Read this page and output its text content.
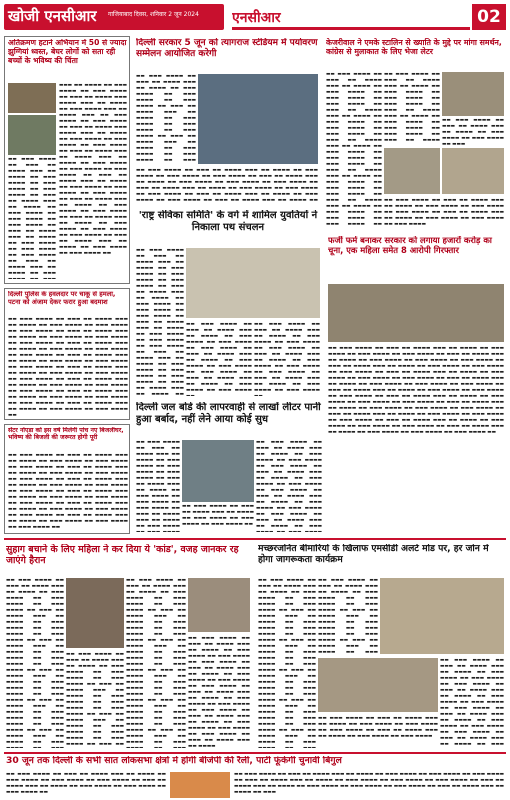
खोजी एनसीआर गाजियाबाद दिवस, शनिवार 2 जून 2024 एनसीआर	02
अतिक्रमण हटाने अभियान में 50 से ज्यादा झुग्गियां ध्वस्त, बेघर लोगों को सता रही बच्चों के भविष्य की चिंता

▬▬▬ ▬▬ ▬▬▬▬ ▬▬ ▬▬▬ ▬▬▬▬ ▬▬ ▬▬▬ ▬▬▬▬ ▬▬ ▬▬▬ ▬▬ ▬▬▬▬ ▬▬▬ ▬▬▬▬ ▬▬▬ ▬▬ ▬▬▬▬ ▬▬ ▬▬▬ ▬▬▬▬ ▬▬▬ ▬▬ ▬▬▬▬ ▬▬▬ ▬▬ ▬▬▬ ▬▬▬▬ ▬▬ ▬▬▬ ▬▬▬▬ ▬▬ ▬▬▬ ▬▬ ▬▬▬▬ ▬▬▬ ▬▬▬▬ ▬▬▬ ▬▬ ▬▬▬▬ ▬▬ ▬▬▬ ▬▬▬▬ ▬▬ ▬▬▬ ▬▬▬▬ ▬▬ ▬▬▬ ▬▬▬▬ ▬▬ ▬▬▬ ▬▬ ▬▬▬▬ ▬▬▬ ▬▬ ▬▬▬▬ ▬▬▬ ▬▬ ▬▬▬▬ ▬▬ ▬▬▬ ▬▬▬▬ ▬▬ ▬▬▬ ▬▬▬▬ ▬▬ ▬▬▬ ▬▬▬▬ ▬▬ ▬▬▬ ▬▬ ▬▬▬▬ ▬▬▬ ▬▬ ▬▬▬▬ ▬▬ ▬▬▬ ▬▬▬▬ ▬▬ ▬▬▬ ▬▬▬▬ ▬▬ ▬▬▬ ▬▬▬▬ ▬▬ ▬▬▬ ▬▬ ▬▬▬▬ ▬▬▬ ▬▬ ▬▬▬▬ ▬▬ ▬▬▬ ▬▬▬▬ ▬▬ ▬▬▬ ▬▬▬▬ ▬▬ ▬▬▬ ▬▬ ▬▬▬▬ ▬▬▬ ▬▬ ▬▬▬▬ ▬▬ ▬▬▬ ▬▬▬▬ ▬▬ ▬▬▬ ▬▬▬▬ ▬▬ ▬▬▬ ▬▬▬▬ ▬▬ ▬▬▬ ▬▬ ▬▬▬▬ ▬▬▬ ▬▬ ▬▬▬▬ ▬▬ ▬▬▬ ▬▬▬▬ ▬▬ ▬▬▬ ▬▬▬▬ ▬▬

▬▬ ▬▬▬ ▬▬▬▬ ▬▬ ▬▬▬ ▬▬ ▬▬▬▬ ▬▬▬ ▬▬ ▬▬▬▬ ▬▬ ▬▬▬ ▬▬▬▬ ▬▬ ▬▬▬ ▬▬▬▬ ▬▬ ▬▬▬ ▬▬▬▬ ▬▬ ▬▬▬ ▬▬ ▬▬▬▬ ▬▬▬ ▬▬ ▬▬▬▬ ▬▬ ▬▬▬ ▬▬▬▬ ▬▬ ▬▬▬ ▬▬▬▬ ▬▬ ▬▬▬ ▬▬▬▬ ▬▬ ▬▬▬ ▬▬ ▬▬▬▬ ▬▬▬ ▬▬ ▬▬▬▬ ▬▬ ▬▬▬ ▬▬▬▬ ▬▬ ▬▬▬ ▬▬▬▬ ▬▬ ▬▬▬ ▬▬▬▬ ▬▬ ▬▬▬ ▬▬ ▬▬▬▬ ▬▬▬ ▬▬ ▬▬▬▬ ▬▬ ▬▬▬

दिल्ली सरकार 5 जून को त्यागराज स्टेडियम में पर्यावरण सम्मेलन आयोजित करेगी

▬▬ ▬▬▬ ▬▬▬▬ ▬▬ ▬▬▬ ▬▬ ▬▬▬▬ ▬▬▬ ▬▬ ▬▬▬▬ ▬▬ ▬▬▬ ▬▬▬▬ ▬▬ ▬▬▬ ▬▬▬▬ ▬▬ ▬▬▬ ▬▬▬▬ ▬▬ ▬▬▬ ▬▬ ▬▬▬▬ ▬▬▬ ▬▬ ▬▬▬▬ ▬▬ ▬▬▬ ▬▬▬▬ ▬▬ ▬▬▬ ▬▬▬▬ ▬▬ ▬▬▬ ▬▬▬▬ ▬▬ ▬▬▬ ▬▬ ▬▬▬▬ ▬▬▬ ▬▬ ▬▬▬▬ ▬▬ ▬▬▬ ▬▬▬▬ ▬▬ ▬▬▬ ▬▬▬▬ ▬▬ ▬▬▬

▬▬ ▬▬▬ ▬▬▬▬ ▬▬ ▬▬▬ ▬▬ ▬▬▬▬ ▬▬▬ ▬▬ ▬▬▬▬ ▬▬ ▬▬▬ ▬▬▬▬ ▬▬ ▬▬▬ ▬▬▬▬ ▬▬ ▬▬▬ ▬▬▬▬ ▬▬ ▬▬▬ ▬▬ ▬▬▬▬ ▬▬▬ ▬▬ ▬▬▬▬ ▬▬ ▬▬▬ ▬▬▬▬ ▬▬ ▬▬▬ ▬▬▬▬ ▬▬ ▬▬▬ ▬▬▬▬ ▬▬ ▬▬▬ ▬▬ ▬▬▬▬ ▬▬▬ ▬▬ ▬▬▬▬ ▬▬ ▬▬▬ ▬▬▬▬ ▬▬ ▬▬▬ ▬▬▬▬ ▬▬ ▬▬▬ ▬▬▬▬ ▬▬ ▬▬▬ ▬▬ ▬▬▬▬ ▬▬▬ ▬▬ ▬▬▬▬ ▬▬ ▬▬▬ ▬▬▬▬ ▬▬ ▬▬▬ ▬▬▬▬ ▬▬ ▬▬▬ ▬▬ ▬▬▬▬ ▬▬▬ ▬▬ ▬▬▬▬ ▬▬

केजरीवाल ने एमके स्टालिन से ख्याति के मुद्दे पर मांगा समर्थन, कांग्रेस से मुलाकात के लिए भेजा लेटर

▬▬ ▬▬▬ ▬▬▬▬ ▬▬ ▬▬▬ ▬▬ ▬▬▬▬ ▬▬▬ ▬▬ ▬▬▬▬ ▬▬ ▬▬▬ ▬▬▬▬ ▬▬ ▬▬▬ ▬▬▬▬ ▬▬ ▬▬▬ ▬▬▬▬ ▬▬ ▬▬▬ ▬▬ ▬▬▬▬ ▬▬▬ ▬▬ ▬▬▬▬ ▬▬ ▬▬▬ ▬▬▬▬ ▬▬ ▬▬▬ ▬▬▬▬ ▬▬ ▬▬▬ ▬▬▬▬ ▬▬ ▬▬▬ ▬▬ ▬▬▬▬ ▬▬▬ ▬▬ ▬▬▬▬ ▬▬ ▬▬▬ ▬▬▬▬ ▬▬ ▬▬▬ ▬▬▬▬ ▬▬ ▬▬▬ ▬▬▬▬ ▬▬ ▬▬▬ ▬▬ ▬▬▬▬ ▬▬▬ ▬▬ ▬▬▬▬ ▬▬ ▬▬▬ ▬▬▬▬ ▬▬ ▬▬▬ ▬▬▬▬ ▬▬ ▬▬▬ ▬▬▬▬ ▬▬ ▬▬▬ ▬▬ ▬▬▬▬ ▬▬▬ ▬▬ ▬▬▬▬ ▬▬ ▬▬▬ ▬▬▬▬ ▬▬ ▬▬▬ ▬▬▬▬ ▬▬ ▬▬▬ ▬▬▬▬ ▬▬

▬▬ ▬▬▬ ▬▬▬▬ ▬▬ ▬▬▬ ▬▬ ▬▬▬▬ ▬▬▬ ▬▬ ▬▬▬▬ ▬▬ ▬▬▬ ▬▬▬▬ ▬▬ ▬▬▬ ▬▬▬▬ ▬▬ ▬▬▬ ▬▬▬▬ ▬▬ ▬▬▬ ▬▬ ▬▬▬▬ ▬▬▬ ▬▬ ▬▬▬▬ ▬▬ ▬▬▬ ▬▬▬▬ ▬▬ ▬▬▬ ▬▬▬▬ ▬▬ ▬▬▬ ▬▬▬▬ ▬▬ ▬▬▬ ▬▬ ▬▬▬▬

▬▬ ▬▬▬ ▬▬▬▬ ▬▬ ▬▬▬ ▬▬ ▬▬▬▬ ▬▬▬ ▬▬ ▬▬▬▬ ▬▬ ▬▬▬ ▬▬▬▬ ▬▬ ▬▬▬ ▬▬▬▬ ▬▬ ▬▬▬

▬▬ ▬▬▬ ▬▬▬▬ ▬▬ ▬▬▬ ▬▬ ▬▬▬▬ ▬▬▬ ▬▬ ▬▬▬▬ ▬▬ ▬▬▬ ▬▬▬▬ ▬▬ ▬▬▬ ▬▬▬▬ ▬▬ ▬▬▬ ▬▬▬▬ ▬▬ ▬▬▬ ▬▬ ▬▬▬▬ ▬▬▬ ▬▬ ▬▬▬▬ ▬▬ ▬▬▬ ▬▬▬▬ ▬▬ ▬▬▬ ▬▬▬▬ ▬▬ ▬▬▬ ▬▬▬▬

'राष्ट्र सेविका समिति' के वर्ग में शामिल युवतियों ने निकाला पथ संचलन

▬▬ ▬▬▬ ▬▬▬▬ ▬▬ ▬▬▬ ▬▬ ▬▬▬▬ ▬▬▬ ▬▬ ▬▬▬▬ ▬▬ ▬▬▬ ▬▬▬▬ ▬▬ ▬▬▬ ▬▬▬▬ ▬▬ ▬▬▬ ▬▬▬▬ ▬▬ ▬▬▬ ▬▬ ▬▬▬▬ ▬▬▬ ▬▬ ▬▬▬▬ ▬▬ ▬▬▬ ▬▬▬▬ ▬▬ ▬▬▬ ▬▬▬▬ ▬▬ ▬▬▬ ▬▬▬▬ ▬▬ ▬▬▬ ▬▬ ▬▬▬▬ ▬▬▬ ▬▬ ▬▬▬▬ ▬▬ ▬▬▬ ▬▬▬▬ ▬▬ ▬▬▬ ▬▬▬▬ ▬▬ ▬▬▬ ▬▬▬▬ ▬▬ ▬▬▬ ▬▬ ▬▬▬▬ ▬▬▬ ▬▬ ▬▬▬▬ ▬▬ ▬▬▬ ▬▬▬▬ ▬▬ ▬▬▬ ▬▬▬▬ ▬▬ ▬▬▬ ▬▬▬▬ ▬▬ ▬▬▬ ▬▬ ▬▬▬▬ ▬▬▬ ▬▬ ▬▬▬▬ ▬▬

▬▬ ▬▬▬ ▬▬▬▬ ▬▬ ▬▬▬ ▬▬ ▬▬▬▬ ▬▬▬ ▬▬ ▬▬▬▬ ▬▬ ▬▬▬ ▬▬▬▬ ▬▬ ▬▬▬ ▬▬▬▬ ▬▬ ▬▬▬ ▬▬▬▬ ▬▬ ▬▬▬ ▬▬ ▬▬▬▬ ▬▬▬ ▬▬ ▬▬▬▬ ▬▬ ▬▬▬ ▬▬▬▬ ▬▬ ▬▬▬ ▬▬▬▬ ▬▬ ▬▬▬ ▬▬▬▬ ▬▬ ▬▬▬ ▬▬ ▬▬▬▬ ▬▬▬ ▬▬ ▬▬▬▬ ▬▬ ▬▬▬ ▬▬▬▬ ▬▬ ▬▬▬ ▬▬▬▬

▬▬ ▬▬▬ ▬▬▬▬ ▬▬ ▬▬▬ ▬▬ ▬▬▬▬ ▬▬▬ ▬▬ ▬▬▬▬ ▬▬ ▬▬▬ ▬▬▬▬ ▬▬ ▬▬▬ ▬▬▬▬ ▬▬ ▬▬▬ ▬▬▬▬ ▬▬ ▬▬▬ ▬▬ ▬▬▬▬ ▬▬▬ ▬▬ ▬▬▬▬ ▬▬ ▬▬▬ ▬▬▬▬ ▬▬ ▬▬▬ ▬▬▬▬ ▬▬ ▬▬▬ ▬▬▬▬ ▬▬ ▬▬▬ ▬▬ ▬▬▬▬ ▬▬▬ ▬▬ ▬▬▬▬ ▬▬ ▬▬▬ ▬▬▬▬ ▬▬ ▬▬▬ ▬▬▬▬

फर्जी फर्म बनाकर सरकार को लगाया हजारों करोड़ का चूना, एक महिला समेत 8 आरोपी गिरफ्तार

▬▬ ▬▬▬ ▬▬▬▬ ▬▬ ▬▬▬ ▬▬ ▬▬▬▬ ▬▬▬ ▬▬ ▬▬▬▬ ▬▬ ▬▬▬ ▬▬▬▬ ▬▬ ▬▬▬ ▬▬▬▬ ▬▬ ▬▬▬ ▬▬▬▬ ▬▬ ▬▬▬ ▬▬ ▬▬▬▬ ▬▬▬ ▬▬ ▬▬▬▬ ▬▬ ▬▬▬ ▬▬▬▬ ▬▬ ▬▬▬ ▬▬▬▬ ▬▬ ▬▬▬ ▬▬▬▬ ▬▬ ▬▬▬ ▬▬ ▬▬▬▬ ▬▬▬ ▬▬ ▬▬▬▬ ▬▬ ▬▬▬ ▬▬▬▬ ▬▬ ▬▬▬ ▬▬▬▬ ▬▬ ▬▬▬ ▬▬▬▬ ▬▬ ▬▬▬ ▬▬ ▬▬▬▬ ▬▬▬ ▬▬ ▬▬▬▬ ▬▬ ▬▬▬ ▬▬▬▬ ▬▬ ▬▬▬ ▬▬▬▬ ▬▬ ▬▬▬ ▬▬▬▬ ▬▬ ▬▬▬ ▬▬ ▬▬▬▬ ▬▬▬ ▬▬ ▬▬▬▬ ▬▬ ▬▬▬ ▬▬▬▬ ▬▬ ▬▬▬ ▬▬▬▬ ▬▬ ▬▬▬ ▬▬▬▬ ▬▬ ▬▬▬ ▬▬ ▬▬▬▬ ▬▬▬ ▬▬ ▬▬▬▬ ▬▬ ▬▬▬ ▬▬▬▬ ▬▬ ▬▬▬ ▬▬▬▬ ▬▬ ▬▬▬ ▬▬▬▬ ▬▬ ▬▬▬ ▬▬ ▬▬▬▬ ▬▬▬ ▬▬ ▬▬▬▬ ▬▬ ▬▬▬ ▬▬▬▬ ▬▬ ▬▬▬ ▬▬▬▬ ▬▬ ▬▬▬ ▬▬▬▬ ▬▬ ▬▬▬ ▬▬ ▬▬▬▬ ▬▬▬ ▬▬ ▬▬▬▬ ▬▬ ▬▬▬ ▬▬▬▬ ▬▬ ▬▬▬ ▬▬▬▬ ▬▬ ▬▬▬ ▬▬▬▬ ▬▬ ▬▬▬ ▬▬ ▬▬▬▬ ▬▬▬ ▬▬ ▬▬▬▬ ▬▬ ▬▬▬ ▬▬▬▬ ▬▬ ▬▬▬ ▬▬▬▬ ▬▬ ▬▬▬ ▬▬▬▬ ▬▬ ▬▬▬ ▬▬ ▬▬▬▬ ▬▬▬ ▬▬ ▬▬▬▬ ▬▬ ▬▬▬ ▬▬▬▬ ▬▬ ▬▬▬ ▬▬▬▬ ▬▬ ▬▬▬ ▬▬▬▬ ▬▬ ▬▬▬ ▬▬ ▬▬▬▬ ▬▬▬ ▬▬ ▬▬▬▬ ▬▬ ▬▬▬ ▬▬▬▬ ▬▬ ▬▬▬ ▬▬▬▬ ▬▬ ▬▬▬ ▬▬▬▬ ▬▬

दिल्ली पुलिस के हवलदार पर चाकू से हमला, पटना को अंजाम देकर फरार हुआ बदमाश

▬▬ ▬▬▬ ▬▬▬▬ ▬▬ ▬▬▬ ▬▬ ▬▬▬▬ ▬▬▬ ▬▬ ▬▬▬▬ ▬▬ ▬▬▬ ▬▬▬▬ ▬▬ ▬▬▬ ▬▬▬▬ ▬▬ ▬▬▬ ▬▬▬▬ ▬▬ ▬▬▬ ▬▬ ▬▬▬▬ ▬▬▬ ▬▬ ▬▬▬▬ ▬▬ ▬▬▬ ▬▬▬▬ ▬▬ ▬▬▬ ▬▬▬▬ ▬▬ ▬▬▬ ▬▬▬▬ ▬▬ ▬▬▬ ▬▬ ▬▬▬▬ ▬▬▬ ▬▬ ▬▬▬▬ ▬▬ ▬▬▬ ▬▬▬▬ ▬▬ ▬▬▬ ▬▬▬▬ ▬▬ ▬▬▬ ▬▬▬▬ ▬▬ ▬▬▬ ▬▬ ▬▬▬▬ ▬▬▬ ▬▬ ▬▬▬▬ ▬▬ ▬▬▬ ▬▬▬▬ ▬▬ ▬▬▬ ▬▬▬▬ ▬▬ ▬▬▬ ▬▬▬▬ ▬▬ ▬▬▬ ▬▬ ▬▬▬▬ ▬▬▬ ▬▬ ▬▬▬▬ ▬▬ ▬▬▬ ▬▬▬▬ ▬▬ ▬▬▬ ▬▬▬▬ ▬▬ ▬▬▬ ▬▬▬▬ ▬▬ ▬▬▬ ▬▬ ▬▬▬▬ ▬▬▬ ▬▬ ▬▬▬▬ ▬▬ ▬▬▬ ▬▬▬▬ ▬▬ ▬▬▬ ▬▬▬▬ ▬▬ ▬▬▬ ▬▬▬▬ ▬▬ ▬▬▬ ▬▬ ▬▬▬▬ ▬▬▬ ▬▬ ▬▬▬▬ ▬▬ ▬▬▬ ▬▬▬▬ ▬▬ ▬▬▬ ▬▬▬▬ ▬▬ ▬▬▬ ▬▬▬▬ ▬▬ ▬▬▬ ▬▬ ▬▬▬▬ ▬▬▬ ▬▬ ▬▬▬▬ ▬▬ ▬▬▬ ▬▬▬▬ ▬▬ ▬▬▬ ▬▬▬▬ ▬▬

सेंटर नोएडा को इस वर्ष मिलेगी पांच नए बिजलीघर, भविष्य की बिजली की जरूरत होगी पूरी

▬▬ ▬▬▬ ▬▬▬▬ ▬▬ ▬▬▬ ▬▬ ▬▬▬▬ ▬▬▬ ▬▬ ▬▬▬▬ ▬▬ ▬▬▬ ▬▬▬▬ ▬▬ ▬▬▬ ▬▬▬▬ ▬▬ ▬▬▬ ▬▬▬▬ ▬▬ ▬▬▬ ▬▬ ▬▬▬▬ ▬▬▬ ▬▬ ▬▬▬▬ ▬▬ ▬▬▬ ▬▬▬▬ ▬▬ ▬▬▬ ▬▬▬▬ ▬▬ ▬▬▬ ▬▬▬▬ ▬▬ ▬▬▬ ▬▬ ▬▬▬▬ ▬▬▬ ▬▬ ▬▬▬▬ ▬▬ ▬▬▬ ▬▬▬▬ ▬▬ ▬▬▬ ▬▬▬▬ ▬▬ ▬▬▬ ▬▬▬▬ ▬▬ ▬▬▬ ▬▬ ▬▬▬▬ ▬▬▬ ▬▬ ▬▬▬▬ ▬▬ ▬▬▬ ▬▬▬▬ ▬▬ ▬▬▬ ▬▬▬▬ ▬▬ ▬▬▬ ▬▬▬▬ ▬▬ ▬▬▬ ▬▬ ▬▬▬▬ ▬▬▬ ▬▬ ▬▬▬▬ ▬▬ ▬▬▬ ▬▬▬▬ ▬▬ ▬▬▬ ▬▬▬▬ ▬▬ ▬▬▬ ▬▬▬▬ ▬▬ ▬▬▬ ▬▬ ▬▬▬▬ ▬▬▬ ▬▬ ▬▬▬▬ ▬▬ ▬▬▬ ▬▬▬▬ ▬▬ ▬▬▬ ▬▬▬▬ ▬▬ ▬▬▬ ▬▬▬▬ ▬▬

दिल्ली जल बोर्ड की लापरवाही से लाखों लीटर पानी हुआ बर्बाद, नहीं लेने आया कोई सुध

▬▬ ▬▬▬ ▬▬▬▬ ▬▬ ▬▬▬ ▬▬ ▬▬▬▬ ▬▬▬ ▬▬ ▬▬▬▬ ▬▬ ▬▬▬ ▬▬▬▬ ▬▬ ▬▬▬ ▬▬▬▬ ▬▬ ▬▬▬ ▬▬▬▬ ▬▬ ▬▬▬ ▬▬ ▬▬▬▬ ▬▬▬ ▬▬ ▬▬▬▬ ▬▬ ▬▬▬ ▬▬▬▬ ▬▬ ▬▬▬ ▬▬▬▬ ▬▬ ▬▬▬ ▬▬▬▬ ▬▬ ▬▬▬ ▬▬ ▬▬▬▬ ▬▬▬ ▬▬ ▬▬▬▬ ▬▬ ▬▬▬ ▬▬▬▬

▬▬ ▬▬▬ ▬▬▬▬ ▬▬ ▬▬▬ ▬▬ ▬▬▬▬ ▬▬▬ ▬▬ ▬▬▬▬ ▬▬ ▬▬▬ ▬▬▬▬ ▬▬ ▬▬▬ ▬▬▬▬ ▬▬ ▬▬▬ ▬▬▬▬ ▬▬

▬▬ ▬▬▬ ▬▬▬▬ ▬▬ ▬▬▬ ▬▬ ▬▬▬▬ ▬▬▬ ▬▬ ▬▬▬▬ ▬▬ ▬▬▬ ▬▬▬▬ ▬▬ ▬▬▬ ▬▬▬▬ ▬▬ ▬▬▬ ▬▬▬▬ ▬▬ ▬▬▬ ▬▬ ▬▬▬▬ ▬▬▬ ▬▬ ▬▬▬▬ ▬▬ ▬▬▬ ▬▬▬▬ ▬▬ ▬▬▬ ▬▬▬▬ ▬▬ ▬▬▬ ▬▬▬▬ ▬▬ ▬▬▬ ▬▬ ▬▬▬▬ ▬▬▬ ▬▬ ▬▬▬▬ ▬▬ ▬▬▬ ▬▬▬▬ ▬▬ ▬▬▬ ▬▬▬▬ ▬▬ ▬▬▬ ▬▬▬▬ ▬▬ ▬▬▬ ▬▬ ▬▬▬▬ ▬▬▬ ▬▬ ▬▬▬▬ ▬▬ ▬▬▬

सुहाग बचाने के लिए महिला ने कर दिया ये 'कांड', वजह जानकर रह जाएंगे हैरान

▬▬ ▬▬▬ ▬▬▬▬ ▬▬ ▬▬▬ ▬▬ ▬▬▬▬ ▬▬▬ ▬▬ ▬▬▬▬ ▬▬ ▬▬▬ ▬▬▬▬ ▬▬ ▬▬▬ ▬▬▬▬ ▬▬ ▬▬▬ ▬▬▬▬ ▬▬ ▬▬▬ ▬▬ ▬▬▬▬ ▬▬▬ ▬▬ ▬▬▬▬ ▬▬ ▬▬▬ ▬▬▬▬ ▬▬ ▬▬▬ ▬▬▬▬ ▬▬ ▬▬▬ ▬▬▬▬ ▬▬ ▬▬▬ ▬▬ ▬▬▬▬ ▬▬▬ ▬▬ ▬▬▬▬ ▬▬ ▬▬▬ ▬▬▬▬ ▬▬ ▬▬▬ ▬▬▬▬ ▬▬ ▬▬▬ ▬▬▬▬ ▬▬ ▬▬▬ ▬▬ ▬▬▬▬ ▬▬▬ ▬▬ ▬▬▬▬ ▬▬ ▬▬▬ ▬▬▬▬ ▬▬ ▬▬▬ ▬▬▬▬ ▬▬ ▬▬▬ ▬▬▬▬ ▬▬ ▬▬▬ ▬▬ ▬▬▬▬ ▬▬▬ ▬▬ ▬▬▬▬ ▬▬ ▬▬▬ ▬▬▬▬ ▬▬ ▬▬▬ ▬▬▬▬ ▬▬ ▬▬▬ ▬▬▬▬ ▬▬ ▬▬▬ ▬▬ ▬▬▬▬ ▬▬▬ ▬▬ ▬▬▬▬ ▬▬ ▬▬▬

▬▬ ▬▬▬ ▬▬▬▬ ▬▬ ▬▬▬ ▬▬ ▬▬▬▬ ▬▬▬ ▬▬ ▬▬▬▬ ▬▬ ▬▬▬ ▬▬▬▬ ▬▬ ▬▬▬ ▬▬▬▬ ▬▬ ▬▬▬ ▬▬▬▬ ▬▬ ▬▬▬ ▬▬ ▬▬▬▬ ▬▬▬ ▬▬ ▬▬▬▬ ▬▬ ▬▬▬ ▬▬▬▬ ▬▬ ▬▬▬ ▬▬▬▬ ▬▬ ▬▬▬ ▬▬▬▬ ▬▬ ▬▬▬ ▬▬ ▬▬▬▬ ▬▬▬ ▬▬ ▬▬▬▬ ▬▬ ▬▬▬ ▬▬▬▬ ▬▬ ▬▬▬ ▬▬▬▬ ▬▬ ▬▬▬ ▬▬▬▬ ▬▬ ▬▬▬ ▬▬

▬▬ ▬▬▬ ▬▬▬▬ ▬▬ ▬▬▬ ▬▬ ▬▬▬▬ ▬▬▬ ▬▬ ▬▬▬▬ ▬▬ ▬▬▬ ▬▬▬▬ ▬▬ ▬▬▬ ▬▬▬▬ ▬▬ ▬▬▬ ▬▬▬▬ ▬▬ ▬▬▬ ▬▬ ▬▬▬▬ ▬▬▬ ▬▬ ▬▬▬▬ ▬▬ ▬▬▬ ▬▬▬▬ ▬▬ ▬▬▬ ▬▬▬▬ ▬▬ ▬▬▬ ▬▬▬▬ ▬▬ ▬▬▬ ▬▬ ▬▬▬▬ ▬▬▬ ▬▬ ▬▬▬▬ ▬▬ ▬▬▬ ▬▬▬▬ ▬▬ ▬▬▬ ▬▬▬▬ ▬▬ ▬▬▬ ▬▬▬▬ ▬▬ ▬▬▬ ▬▬ ▬▬▬▬ ▬▬▬ ▬▬ ▬▬▬▬ ▬▬ ▬▬▬ ▬▬▬▬ ▬▬ ▬▬▬ ▬▬▬▬ ▬▬ ▬▬▬ ▬▬▬▬ ▬▬ ▬▬▬ ▬▬ ▬▬▬▬ ▬▬▬ ▬▬ ▬▬▬▬ ▬▬ ▬▬▬ ▬▬▬▬ ▬▬ ▬▬▬ ▬▬▬▬ ▬▬ ▬▬▬ ▬▬▬▬ ▬▬ ▬▬▬ ▬▬ ▬▬▬▬ ▬▬▬ ▬▬ ▬▬▬▬ ▬▬ ▬▬▬

▬▬ ▬▬▬ ▬▬▬▬ ▬▬ ▬▬▬ ▬▬ ▬▬▬▬ ▬▬▬ ▬▬ ▬▬▬▬ ▬▬ ▬▬▬ ▬▬▬▬ ▬▬ ▬▬▬ ▬▬▬▬ ▬▬ ▬▬▬ ▬▬▬▬ ▬▬ ▬▬▬ ▬▬ ▬▬▬▬ ▬▬▬ ▬▬ ▬▬▬▬ ▬▬ ▬▬▬ ▬▬▬▬ ▬▬ ▬▬▬ ▬▬▬▬ ▬▬ ▬▬▬ ▬▬▬▬ ▬▬ ▬▬▬ ▬▬ ▬▬▬▬ ▬▬▬ ▬▬ ▬▬▬▬ ▬▬ ▬▬▬ ▬▬▬▬ ▬▬ ▬▬▬ ▬▬▬▬ ▬▬ ▬▬▬ ▬▬▬▬ ▬▬ ▬▬▬ ▬▬ ▬▬▬▬ ▬▬▬ ▬▬ ▬▬▬▬ ▬▬ ▬▬▬ ▬▬▬▬ ▬▬ ▬▬▬ ▬▬▬▬ ▬▬ ▬▬▬ ▬▬▬▬ ▬▬ ▬▬▬ ▬▬ ▬▬▬▬ ▬▬▬ ▬▬ ▬▬▬▬

मच्छरजनित बीमारियों के खिलाफ एमसीडी अलर्ट मोड पर, हर जोन में होगा जागरूकता कार्यक्रम

▬▬ ▬▬▬ ▬▬▬▬ ▬▬ ▬▬▬ ▬▬ ▬▬▬▬ ▬▬▬ ▬▬ ▬▬▬▬ ▬▬ ▬▬▬ ▬▬▬▬ ▬▬ ▬▬▬ ▬▬▬▬ ▬▬ ▬▬▬ ▬▬▬▬ ▬▬ ▬▬▬ ▬▬ ▬▬▬▬ ▬▬▬ ▬▬ ▬▬▬▬ ▬▬ ▬▬▬ ▬▬▬▬ ▬▬ ▬▬▬ ▬▬▬▬ ▬▬ ▬▬▬ ▬▬▬▬ ▬▬ ▬▬▬ ▬▬ ▬▬▬▬ ▬▬▬ ▬▬ ▬▬▬▬ ▬▬ ▬▬▬ ▬▬▬▬ ▬▬ ▬▬▬ ▬▬▬▬ ▬▬ ▬▬▬ ▬▬▬▬ ▬▬ ▬▬▬ ▬▬ ▬▬▬▬ ▬▬▬ ▬▬ ▬▬▬▬ ▬▬ ▬▬▬ ▬▬▬▬ ▬▬ ▬▬▬ ▬▬▬▬ ▬▬ ▬▬▬ ▬▬▬▬ ▬▬ ▬▬▬ ▬▬ ▬▬▬▬ ▬▬▬ ▬▬ ▬▬▬▬ ▬▬ ▬▬▬ ▬▬▬▬ ▬▬ ▬▬▬ ▬▬▬▬ ▬▬ ▬▬▬ ▬▬▬▬ ▬▬ ▬▬▬ ▬▬ ▬▬▬▬ ▬▬▬ ▬▬ ▬▬▬▬ ▬▬ ▬▬▬

▬▬ ▬▬▬ ▬▬▬▬ ▬▬ ▬▬▬ ▬▬ ▬▬▬▬ ▬▬▬ ▬▬ ▬▬▬▬ ▬▬ ▬▬▬ ▬▬▬▬ ▬▬ ▬▬▬ ▬▬▬▬ ▬▬ ▬▬▬ ▬▬▬▬ ▬▬ ▬▬▬ ▬▬ ▬▬▬▬ ▬▬▬ ▬▬ ▬▬▬▬ ▬▬ ▬▬▬ ▬▬▬▬ ▬▬ ▬▬▬ ▬▬▬▬ ▬▬ ▬▬▬ ▬▬▬▬ ▬▬ ▬▬▬ ▬▬ ▬▬▬▬ ▬▬▬ ▬▬ ▬▬▬▬ ▬▬ ▬▬▬

▬▬ ▬▬▬ ▬▬▬▬ ▬▬ ▬▬▬ ▬▬ ▬▬▬▬ ▬▬▬ ▬▬ ▬▬▬▬ ▬▬ ▬▬▬ ▬▬▬▬ ▬▬ ▬▬▬ ▬▬▬▬ ▬▬ ▬▬▬ ▬▬▬▬ ▬▬ ▬▬▬ ▬▬ ▬▬▬▬ ▬▬▬ ▬▬ ▬▬▬▬ ▬▬ ▬▬▬ ▬▬▬▬ ▬▬ ▬▬▬ ▬▬▬▬

▬▬ ▬▬▬ ▬▬▬▬ ▬▬ ▬▬▬ ▬▬ ▬▬▬▬ ▬▬▬ ▬▬ ▬▬▬▬ ▬▬ ▬▬▬ ▬▬▬▬ ▬▬ ▬▬▬ ▬▬▬▬ ▬▬ ▬▬▬ ▬▬▬▬ ▬▬ ▬▬▬ ▬▬ ▬▬▬▬ ▬▬▬ ▬▬ ▬▬▬▬ ▬▬ ▬▬▬ ▬▬▬▬ ▬▬ ▬▬▬ ▬▬▬▬ ▬▬ ▬▬▬ ▬▬▬▬ ▬▬ ▬▬▬ ▬▬ ▬▬▬▬ ▬▬▬ ▬▬ ▬▬▬▬ ▬▬ ▬▬▬ ▬▬▬▬ ▬▬ ▬▬▬ ▬▬▬▬ ▬▬ ▬▬▬ ▬▬▬▬ ▬▬ ▬▬▬ ▬▬ ▬▬▬▬ ▬▬▬ ▬▬ ▬▬▬▬ ▬▬ ▬▬▬

30 जून तक दिल्ली के सभी सात लोकसभा क्षेत्रों में होगी बीजेपी की रैली, पार्टी फूंकेगी चुनावी बिगुल

▬▬ ▬▬▬ ▬▬▬▬ ▬▬ ▬▬▬ ▬▬ ▬▬▬▬ ▬▬▬ ▬▬ ▬▬▬▬ ▬▬ ▬▬▬ ▬▬▬▬ ▬▬ ▬▬▬ ▬▬▬▬ ▬▬ ▬▬▬ ▬▬▬▬ ▬▬ ▬▬▬ ▬▬ ▬▬▬▬ ▬▬▬ ▬▬ ▬▬▬▬ ▬▬ ▬▬▬ ▬▬▬▬ ▬▬ ▬▬▬ ▬▬▬▬ ▬▬ ▬▬▬ ▬▬▬▬ ▬▬

▬▬ ▬▬▬ ▬▬▬▬ ▬▬ ▬▬▬ ▬▬ ▬▬▬▬ ▬▬▬ ▬▬ ▬▬▬▬ ▬▬ ▬▬▬ ▬▬▬▬ ▬▬ ▬▬▬ ▬▬▬▬ ▬▬ ▬▬▬ ▬▬▬▬ ▬▬ ▬▬▬ ▬▬ ▬▬▬▬ ▬▬▬ ▬▬ ▬▬▬▬ ▬▬ ▬▬▬ ▬▬▬▬ ▬▬ ▬▬▬ ▬▬▬▬ ▬▬ ▬▬▬ ▬▬▬▬ ▬▬ ▬▬▬ ▬▬ ▬▬▬▬ ▬▬▬ ▬▬ ▬▬▬▬ ▬▬ ▬▬▬ ▬▬▬▬ ▬▬ ▬▬▬ ▬▬▬▬ ▬▬ ▬▬▬ ▬▬▬▬ ▬▬ ▬▬▬ ▬▬ ▬▬▬▬ ▬▬▬ ▬▬ ▬▬▬▬ ▬▬ ▬▬▬
